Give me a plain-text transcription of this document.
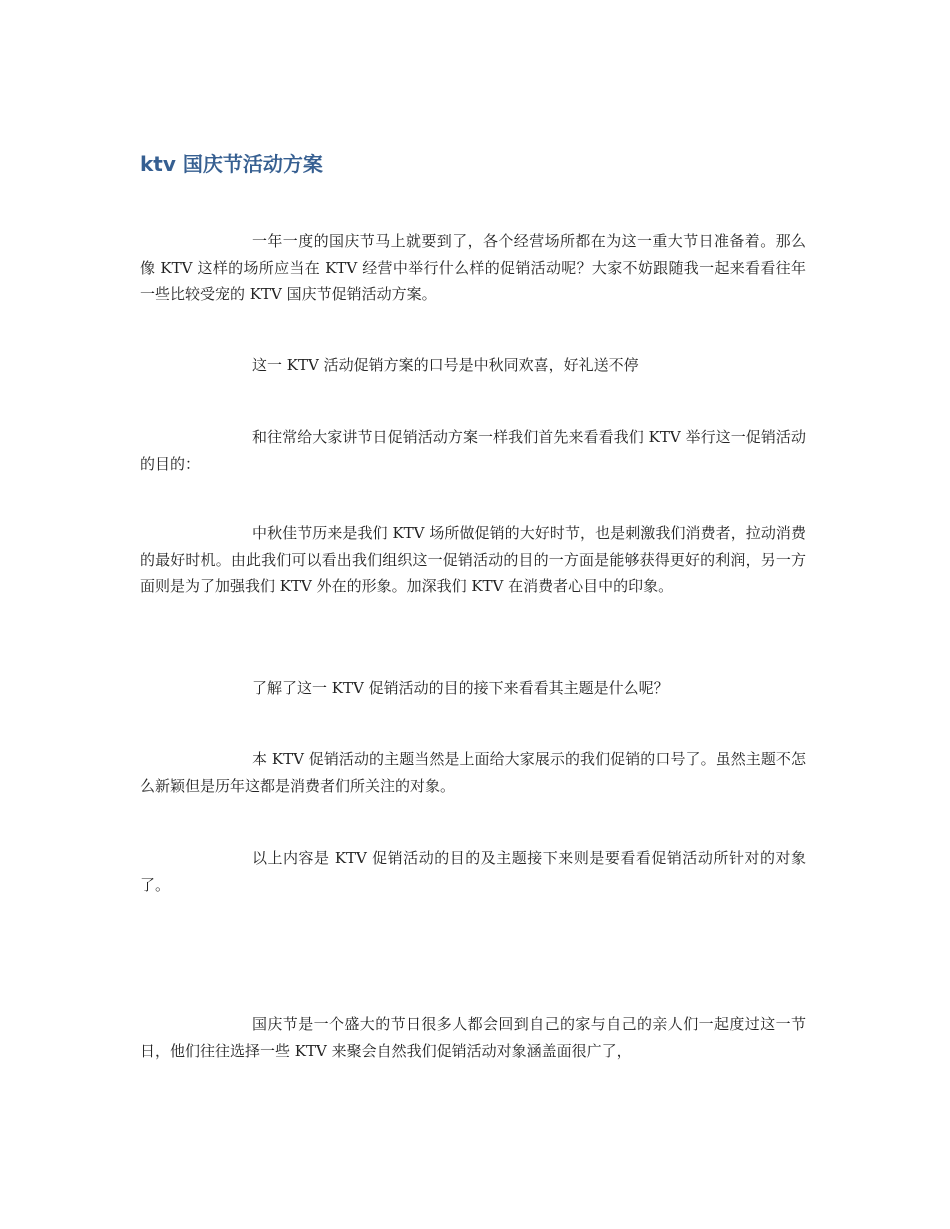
ktv 国庆节活动方案

一年一度的国庆节马上就要到了，各个经营场所都在为这一重大节日准备着。那么像 KTV 这样的场所应当在 KTV 经营中举行什么样的促销活动呢？大家不妨跟随我一起来看看往年一些比较受宠的 KTV 国庆节促销活动方案。

这一 KTV 活动促销方案的口号是中秋同欢喜，好礼送不停

和往常给大家讲节日促销活动方案一样我们首先来看看我们 KTV 举行这一促销活动的目的：

中秋佳节历来是我们 KTV 场所做促销的大好时节，也是刺激我们消费者，拉动消费的最好时机。由此我们可以看出我们组织这一促销活动的目的一方面是能够获得更好的利润，另一方面则是为了加强我们 KTV 外在的形象。加深我们 KTV 在消费者心目中的印象。

了解了这一 KTV 促销活动的目的接下来看看其主题是什么呢？

本 KTV 促销活动的主题当然是上面给大家展示的我们促销的口号了。虽然主题不怎么新颖但是历年这都是消费者们所关注的对象。

以上内容是 KTV 促销活动的目的及主题接下来则是要看看促销活动所针对的对象了。

国庆节是一个盛大的节日很多人都会回到自己的家与自己的亲人们一起度过这一节日，他们往往选择一些 KTV 来聚会自然我们促销活动对象涵盖面很广了，
